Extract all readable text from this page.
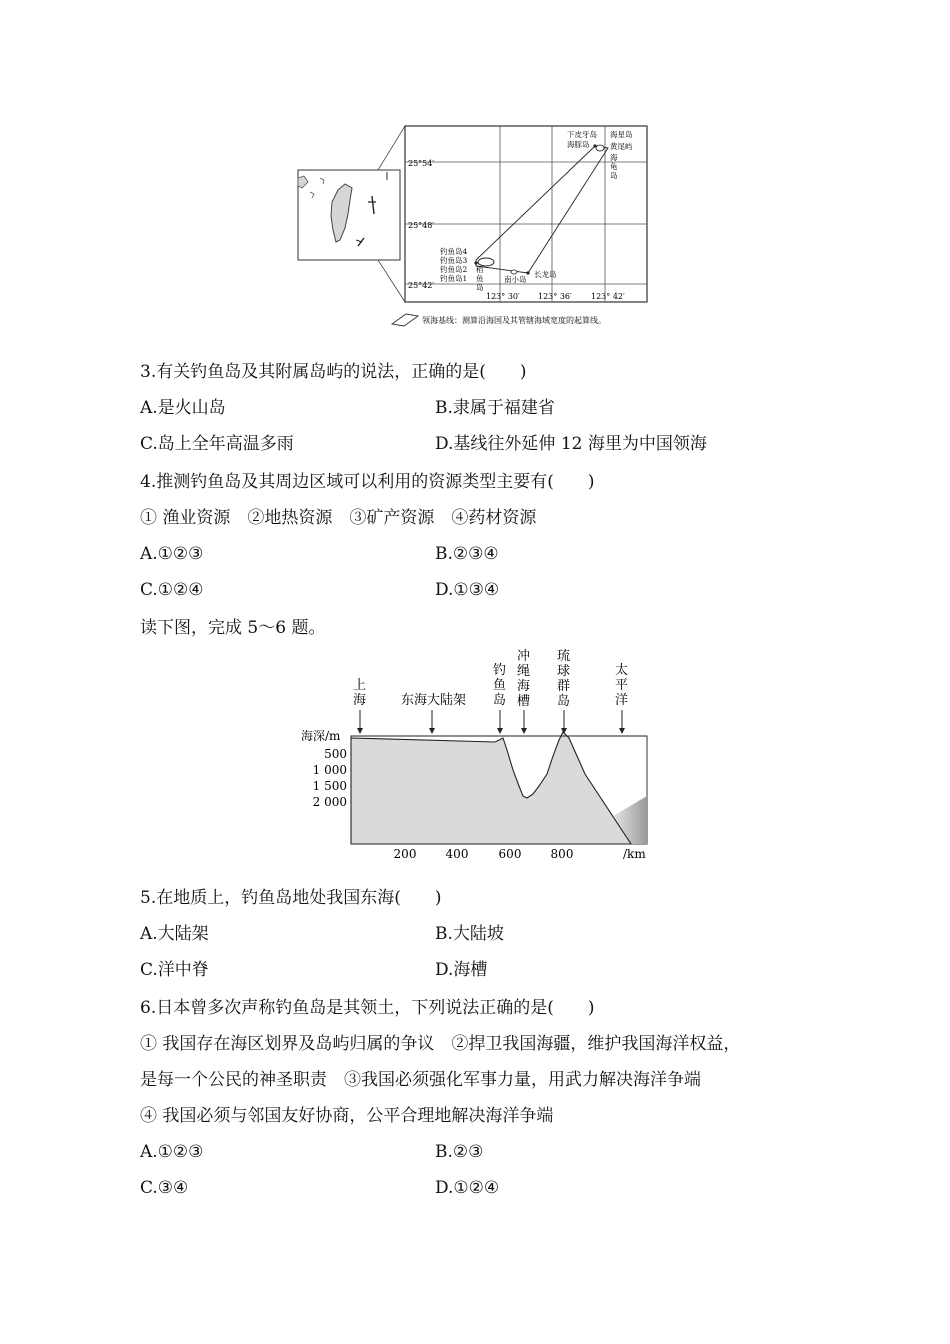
25°54′
25°48′
25°42′
123° 30′ 123° 36′ 123° 42′
下皮牙岛
海豚岛
海星岛
黄尾屿
海
龟
岛
钓鱼岛4
钓鱼岛3
钓鱼岛2
钓鱼岛1
稻
鱼
岛
南小岛
长龙岛
领海基线：测算沿海国及其管辖海域宽度的起算线。
3.有关钓鱼岛及其附属岛屿的说法，正确的是(　　)
A.是火山岛	B.隶属于福建省
C.岛上全年高温多雨	D.基线往外延伸 12 海里为中国领海
4.推测钓鱼岛及其周边区域可以利用的资源类型主要有(　　)
① 渔业资源　②地热资源　③矿产资源　④药材资源
A.①②③	B.②③④
C.①②④	D.①③④
读下图，完成 5～6 题。
上
海	东海大陆架
钓
鱼
岛
冲
绳
海
槽
琉
球
群
岛
太
平
洋
海深/m
500
1 000
1 500
2 000
200 400	600 800	/km
5.在地质上，钓鱼岛地处我国东海(　　)
A.大陆架	B.大陆坡
C.洋中脊	D.海槽
6.日本曾多次声称钓鱼岛是其领土，下列说法正确的是(　　)
① 我国存在海区划界及岛屿归属的争议　②捍卫我国海疆，维护我国海洋权益，
是每一个公民的神圣职责　③我国必须强化军事力量，用武力解决海洋争端
④ 我国必须与邻国友好协商，公平合理地解决海洋争端
A.①②③	B.②③
C.③④	D.①②④
